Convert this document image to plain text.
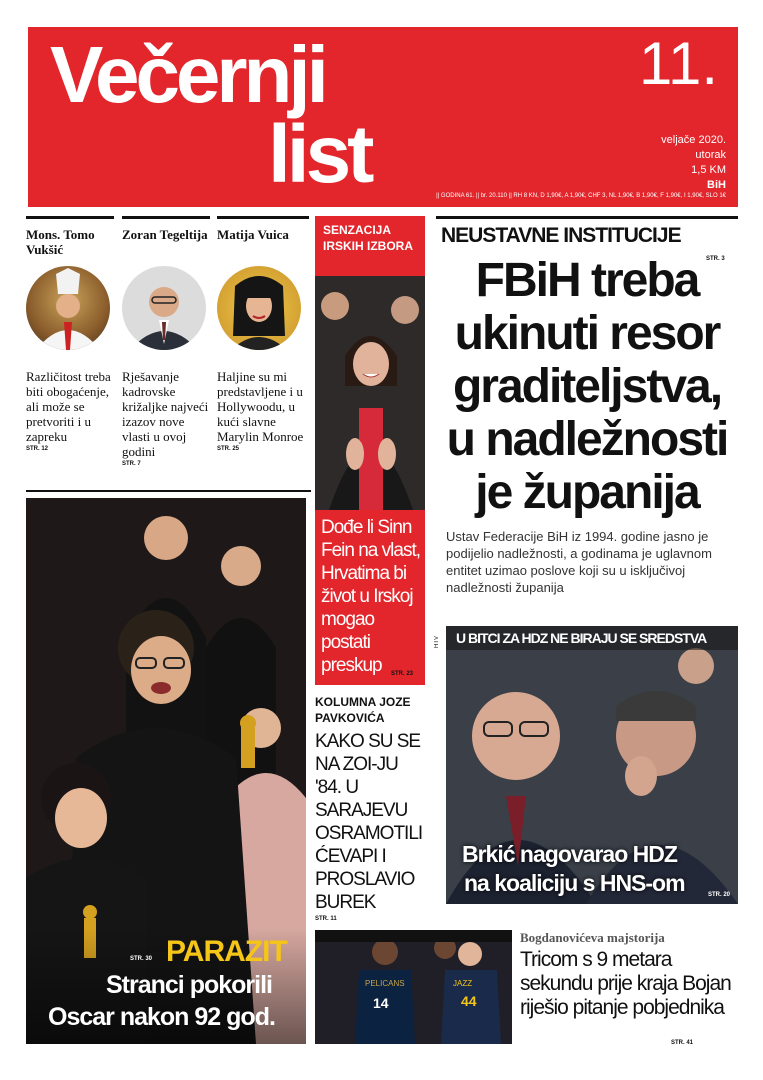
Večernji
list
11.
veljače 2020.
utorak
1,5 KM
BiH
|| GODINA 61. || br. 20.110 || RH 8 KN, D 1,90€, A 1,90€, CHF 3, NL 1,90€, B 1,90€, F 1,90€, I 1,90€, SLO 1€
Mons. Tomo Vukšić
Različitost treba biti obogaćenje, ali može se pretvoriti i u zapreku
STR. 12
Zoran Tegeltija
Rješavanje kadrovske križaljke najveći izazov nove vlasti u ovoj godini
STR. 7
Matija Vuica
Haljine su mi predstavljene i u Hollywoodu, u kući slavne Marylin Monroe
STR. 25
STR. 30 PARAZIT
Stranci pokorili
Oscar nakon 92 god.
SENZACIJA IRSKIH IZBORA
Dođe li Sinn Fein na vlast, Hrvatima bi život u Irskoj mogao postati preskup	STR. 23
KOLUMNA JOZE PAVKOVIĆA
KAKO SU SE NA ZOI-JU '84. U SARAJEVU OSRAMOTILI ĆEVAPI I PROSLAVIO BUREK
STR. 11
NEUSTAVNE INSTITUCIJE
STR. 3
FBiH treba
ukinuti resor
graditeljstva,
u nadležnosti
je županija
Ustav Federacije BiH iz 1994. godine jasno je podijelio nadležnosti, a godinama je uglavnom entitet uzimao poslove koji su u isključivoj nadležnosti županija
HTV U BITCI ZA HDZ NE BIRAJU SE SREDSTVA
Brkić nagovarao HDZ
na koaliciju s HNS-om	STR. 20
PELICANS
14
JAZZ
44
Bogdanovićeva majstorija
Tricom s 9 metara sekundu prije kraja Bojan riješio pitanje pobjednika
STR. 41
